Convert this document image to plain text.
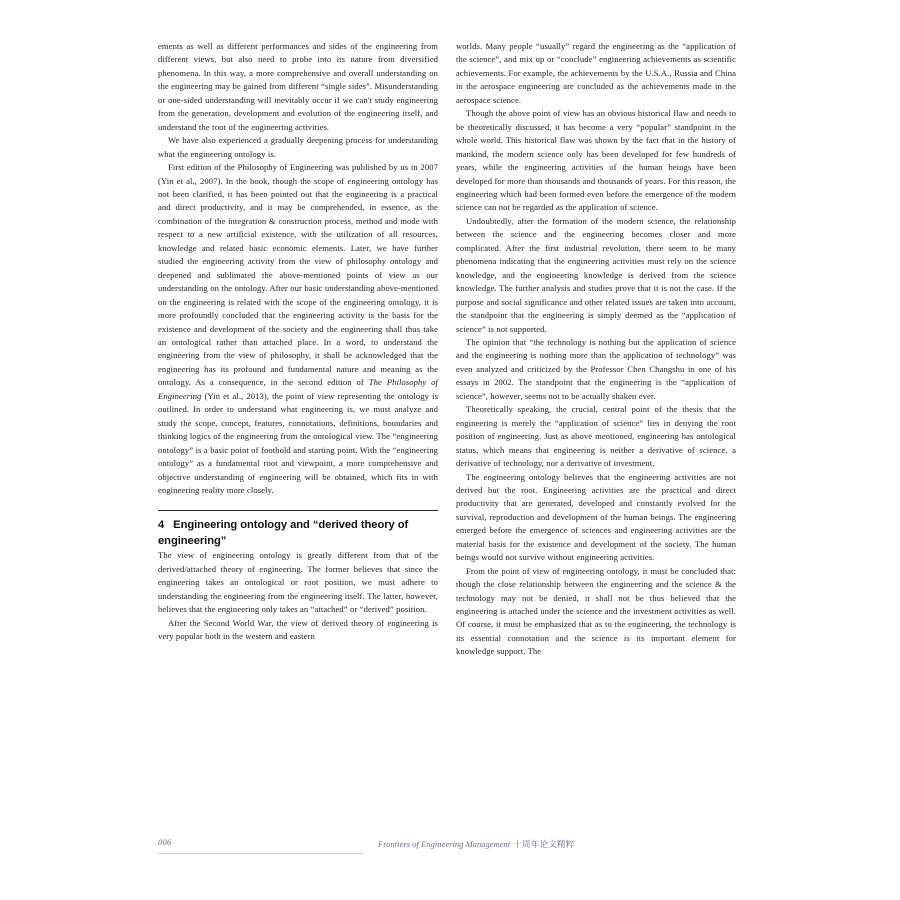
ements as well as different performances and sides of the engineering from different views, but also need to probe into its nature from diversified phenomena. In this way, a more comprehensive and overall understanding on the engineering may be gained from different “single sides”. Misunderstanding or one-sided understanding will inevitably occur if we can't study engineering from the generation, development and evolution of the engineering itself, and understand the root of the engineering activities.

We have also experienced a gradually deepening process for understanding what the engineering ontology is.

First edition of the Philosophy of Engineering was published by us in 2007 (Yin et al., 2007). In the book, though the scope of engineering ontology has not been clarified, it has been pointed out that the engineering is a practical and direct productivity, and it may be comprehended, in essence, as the combination of the integration & construction process, method and mode with respect to a new artificial existence, with the utilization of all resources, knowledge and related basic economic elements. Later, we have further studied the engineering activity from the view of philosophy ontology and deepened and sublimated the above-mentioned points of view as our understanding on the ontology. After our basic understanding above-mentioned on the engineering is related with the scope of the engineering ontology, it is more profoundly concluded that the engineering activity is the basis for the existence and development of the society and the engineering shall thus take an ontological rather than attached place. In a word, to understand the engineering from the view of philosophy, it shall be acknowledged that the engineering has its profound and fundamental nature and meaning as the ontology. As a consequence, in the second edition of The Philosophy of Engineering (Yin et al., 2013), the point of view representing the ontology is outlined. In order to understand what engineering is, we must analyze and study the scope, concept, features, connotations, definitions, boundaries and thinking logics of the engineering from the ontological view. The “engineering ontology” is a basic point of foothold and starting point. With the “engineering ontology” as a fundamental root and viewpoint, a more comprehensive and objective understanding of engineering will be obtained, which fits in with engineering reality more closely.

4 Engineering ontology and “derived theory of engineering”

The view of engineering ontology is greatly different from that of the derived/attached theory of engineering. The former believes that since the engineering takes an ontological or root position, we must adhere to understanding the engineering from the engineering itself. The latter, however, believes that the engineering only takes an “attached” or “derived” position.

After the Second World War, the view of derived theory of engineering is very popular both in the western and eastern

worlds. Many people “usually” regard the engineering as the “application of the science”, and mix up or “conclude” engineering achievements as scientific achievements. For example, the achievements by the U.S.A., Russia and China in the aerospace engineering are concluded as the achievements made in the aerospace science.

Though the above point of view has an obvious historical flaw and needs to be theoretically discussed, it has become a very “popular” standpoint in the whole world. This historical flaw was shown by the fact that in the history of mankind, the modern science only has been developed for few hundreds of years, while the engineering activities of the human beings have been developed for more than thousands and thousands of years. For this reason, the engineering which had been formed even before the emergence of the modern science can not be regarded as the application of science.

Undoubtedly, after the formation of the modern science, the relationship between the science and the engineering becomes closer and more complicated. After the first industrial revolution, there seem to be many phenomena indicating that the engineering activities must rely on the science knowledge, and the engineering knowledge is derived from the science knowledge. The further analysis and studies prove that it is not the case. If the purpose and social significance and other related issues are taken into account, the standpoint that the engineering is simply deemed as the “application of science” is not supported.

The opinion that “the technology is nothing but the application of science and the engineering is nothing more than the application of technology” was even analyzed and criticized by the Professor Chen Changshu in one of his essays in 2002. The standpoint that the engineering is the “application of science”, however, seems not to be actually shaken ever.

Theoretically speaking, the crucial, central point of the thesis that the engineering is merely the “application of science” lies in denying the root position of engineering. Just as above mentioned, engineering has ontological status, which means that engineering is neither a derivative of science, a derivative of technology, nor a derivative of investment.

The engineering ontology believes that the engineering activities are not derived but the root. Engineering activities are the practical and direct productivity that are generated, developed and constantly evolved for the survival, reproduction and development of the human beings. The engineering emerged before the emergence of sciences and engineering activities are the material basis for the existence and development of the society. The human beings would not survive without engineering activities.

From the point of view of engineering ontology, it must be concluded that: though the close relationship between the engineering and the science & the technology may not be denied, it shall not be thus believed that the engineering is attached under the science and the investment activities as well. Of course, it must be emphasized that as to the engineering, the technology is its essential connotation and the science is its important element for knowledge support. The

006	Frontiers of Engineering Management 十周年论文精粹
